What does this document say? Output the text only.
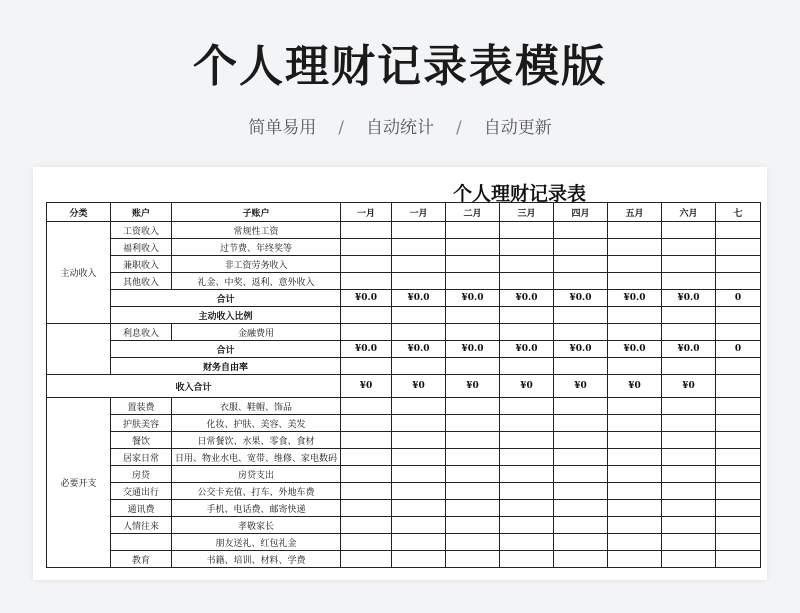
个人理财记录表模版
简单易用 / 自动统计 / 自动更新
个人理财记录表
分类	账户	子账户	一月	一月	二月	三月	四月	五月	六月	七
主动收入	工资收入	常规性工资								
	福利收入	过节费、年终奖等								
	兼职收入	非工资劳务收入								
	其他收入	礼金、中奖、返利、意外收入								
	合计		¥0.0	¥0.0	¥0.0	¥0.0	¥0.0	¥0.0	¥0.0	0
	主动收入比例									
	利息收入	金融费用								
	合计		¥0.0	¥0.0	¥0.0	¥0.0	¥0.0	¥0.0	¥0.0	0
	财务自由率									
收入合计			¥0	¥0	¥0	¥0	¥0	¥0	¥0	
必要开支	置装费	衣服、鞋帽、饰品								
	护肤美容	化妆、护肤、美容、美发								
	餐饮	日常餐饮、水果、零食、食材								
	居家日常	日用、物业水电、宽带、维修、家电数码								
	房贷	房贷支出								
	交通出行	公交卡充值、打车、外地车费								
	通讯费	手机、电话费、邮寄快递								
	人情往来	孝敬家长								
		朋友送礼、红包礼金								
	教育	书籍、培训、材料、学费								
